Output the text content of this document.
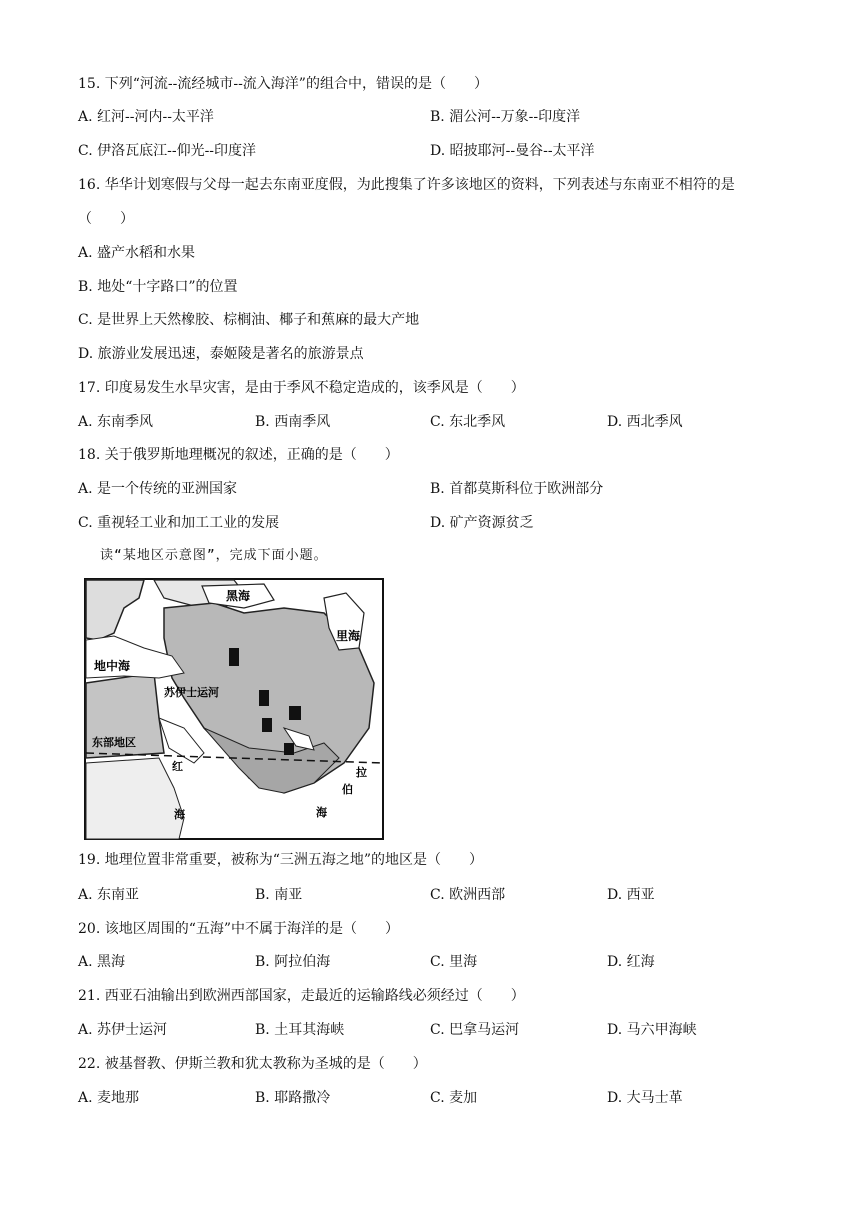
15. 下列“河流--流经城市--流入海洋”的组合中，错误的是（　　）
A. 红河--河内--太平洋	B. 湄公河--万象--印度洋
C. 伊洛瓦底江--仰光--印度洋	D. 昭披耶河--曼谷--太平洋
16. 华华计划寒假与父母一起去东南亚度假，为此搜集了许多该地区的资料，下列表述与东南亚不相符的是
（　　）
A. 盛产水稻和水果
B. 地处“十字路口”的位置
C. 是世界上天然橡胶、棕榈油、椰子和蕉麻的最大产地
D. 旅游业发展迅速，泰姬陵是著名的旅游景点
17. 印度易发生水旱灾害，是由于季风不稳定造成的，该季风是（　　）
A. 东南季风	B. 西南季风	C. 东北季风	D. 西北季风
18. 关于俄罗斯地理概况的叙述，正确的是（　　）
A. 是一个传统的亚洲国家	B. 首都莫斯科位于欧洲部分
C. 重视轻工业和加工工业的发展	D. 矿产资源贫乏
读“某地区示意图”，完成下面小题。
黑海
里海
地中海
苏伊士运河
东部地区
红
海
拉
伯
海
19. 地理位置非常重要，被称为“三洲五海之地”的地区是（　　）
A. 东南亚	B. 南亚	C. 欧洲西部	D. 西亚
20. 该地区周围的“五海”中不属于海洋的是（　　）
A. 黑海	B. 阿拉伯海	C. 里海	D. 红海
21. 西亚石油输出到欧洲西部国家，走最近的运输路线必须经过（　　）
A. 苏伊士运河	B. 土耳其海峡	C. 巴拿马运河	D. 马六甲海峡
22. 被基督教、伊斯兰教和犹太教称为圣城的是（　　）
A. 麦地那	B. 耶路撒冷	C. 麦加	D. 大马士革
